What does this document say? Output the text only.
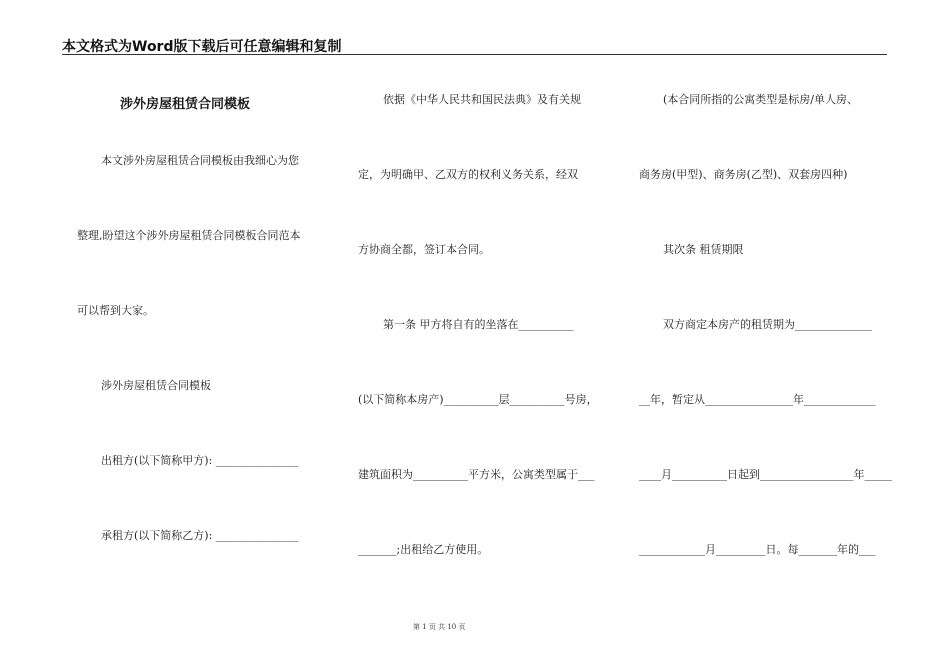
本文格式为Word版下载后可任意编辑和复制
涉外房屋租赁合同模板
本文涉外房屋租赁合同模板由我细心为您
整理,盼望这个涉外房屋租赁合同模板合同范本
可以帮到大家。
涉外房屋租赁合同模板
出租方(以下简称甲方): _______________
承租方(以下简称乙方): _______________
依据《中华人民共和国民法典》及有关规
定，为明确甲、乙双方的权利义务关系，经双
方协商全都，签订本合同。
第一条 甲方将自有的坐落在__________
(以下简称本房产)__________层__________号房，
建筑面积为__________平方米，公寓类型属于___
_______;出租给乙方使用。
(本合同所指的公寓类型是标房/单人房、
商务房(甲型)、商务房(乙型)、双套房四种)
其次条 租赁期限
双方商定本房产的租赁期为______________
__年，暂定从________________年_____________
____月__________日起到_________________年_____
____________月_________日。每_______年的___
第 1 页 共 10 页
